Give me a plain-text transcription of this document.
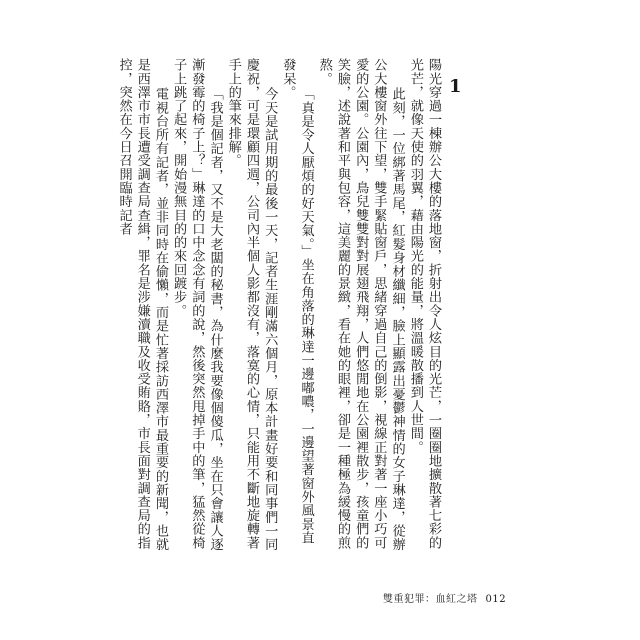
1

陽光穿過一棟辦公大樓的落地窗，折射出令人炫目的光芒，一圈圈地擴散著七彩的光芒，就像天使的羽翼，藉由陽光的能量，將溫暖散播到人世間。

此刻，一位綁著馬尾，紅髮身材纖細，臉上顯露出憂鬱神情的女子琳達，從辦公大樓窗外往下望，雙手緊貼窗戶，思緒穿過自己的倒影，視線正對著一座小巧可愛的公園。公園內，鳥兒雙雙對對展翅飛翔，人們悠閒地在公園裡散步，孩童們的笑臉，述說著和平與包容，這美麗的景緻，看在她的眼裡，卻是一種極為緩慢的煎熬。

「真是令人厭煩的好天氣。」坐在角落的琳達一邊嘟噥，一邊望著窗外風景直發呆。

今天是試用期的最後一天，記者生涯剛滿六個月，原本計畫好要和同事們一同慶祝，可是環顧四週，公司內半個人影都沒有，落寞的心情，只能用不斷地旋轉著手上的筆來排解。

「我是個記者，又不是大老闆的秘書，為什麼我要像個傻瓜，坐在只會讓人逐漸發霉的椅子上？」琳達的口中念念有詞的說，然後突然甩掉手中的筆，猛然從椅子上跳了起來，開始漫無目的的來回踱步。

電視台所有記者，並非同時在偷懶，而是忙著採訪西澤市最重要的新聞，也就是西澤市市長遭受調查局查緝，罪名是涉嫌瀆職及收受賄賂，市長面對調查局的指控，突然在今日召開臨時記者

雙重犯罪：血紅之塔 012
